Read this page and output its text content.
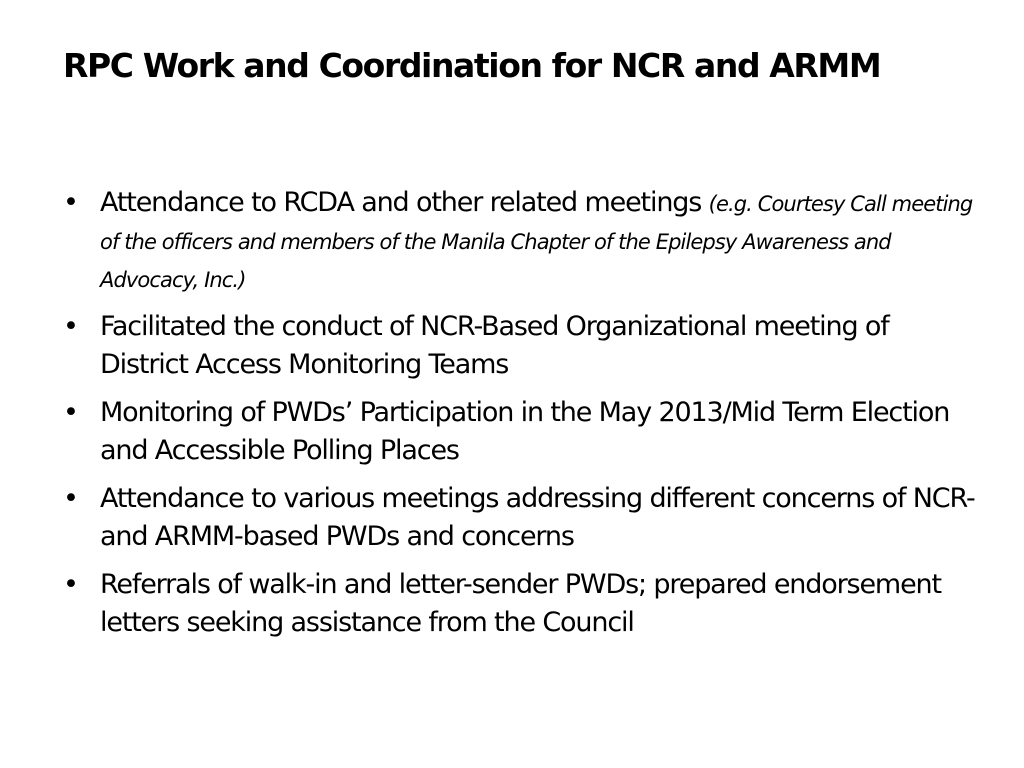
RPC Work and Coordination for NCR and ARMM
• Attendance to RCDA and other related meetings (e.g. Courtesy Call meeting of the officers and members of the Manila Chapter of the Epilepsy Awareness and Advocacy, Inc.)
• Facilitated the conduct of NCR-Based Organizational meeting of District Access Monitoring Teams
• Monitoring of PWDs’ Participation in the May 2013/Mid Term Election and Accessible Polling Places
• Attendance to various meetings addressing different concerns of NCR- and ARMM-based PWDs and concerns
• Referrals of walk-in and letter-sender PWDs; prepared endorsement letters seeking assistance from the Council
